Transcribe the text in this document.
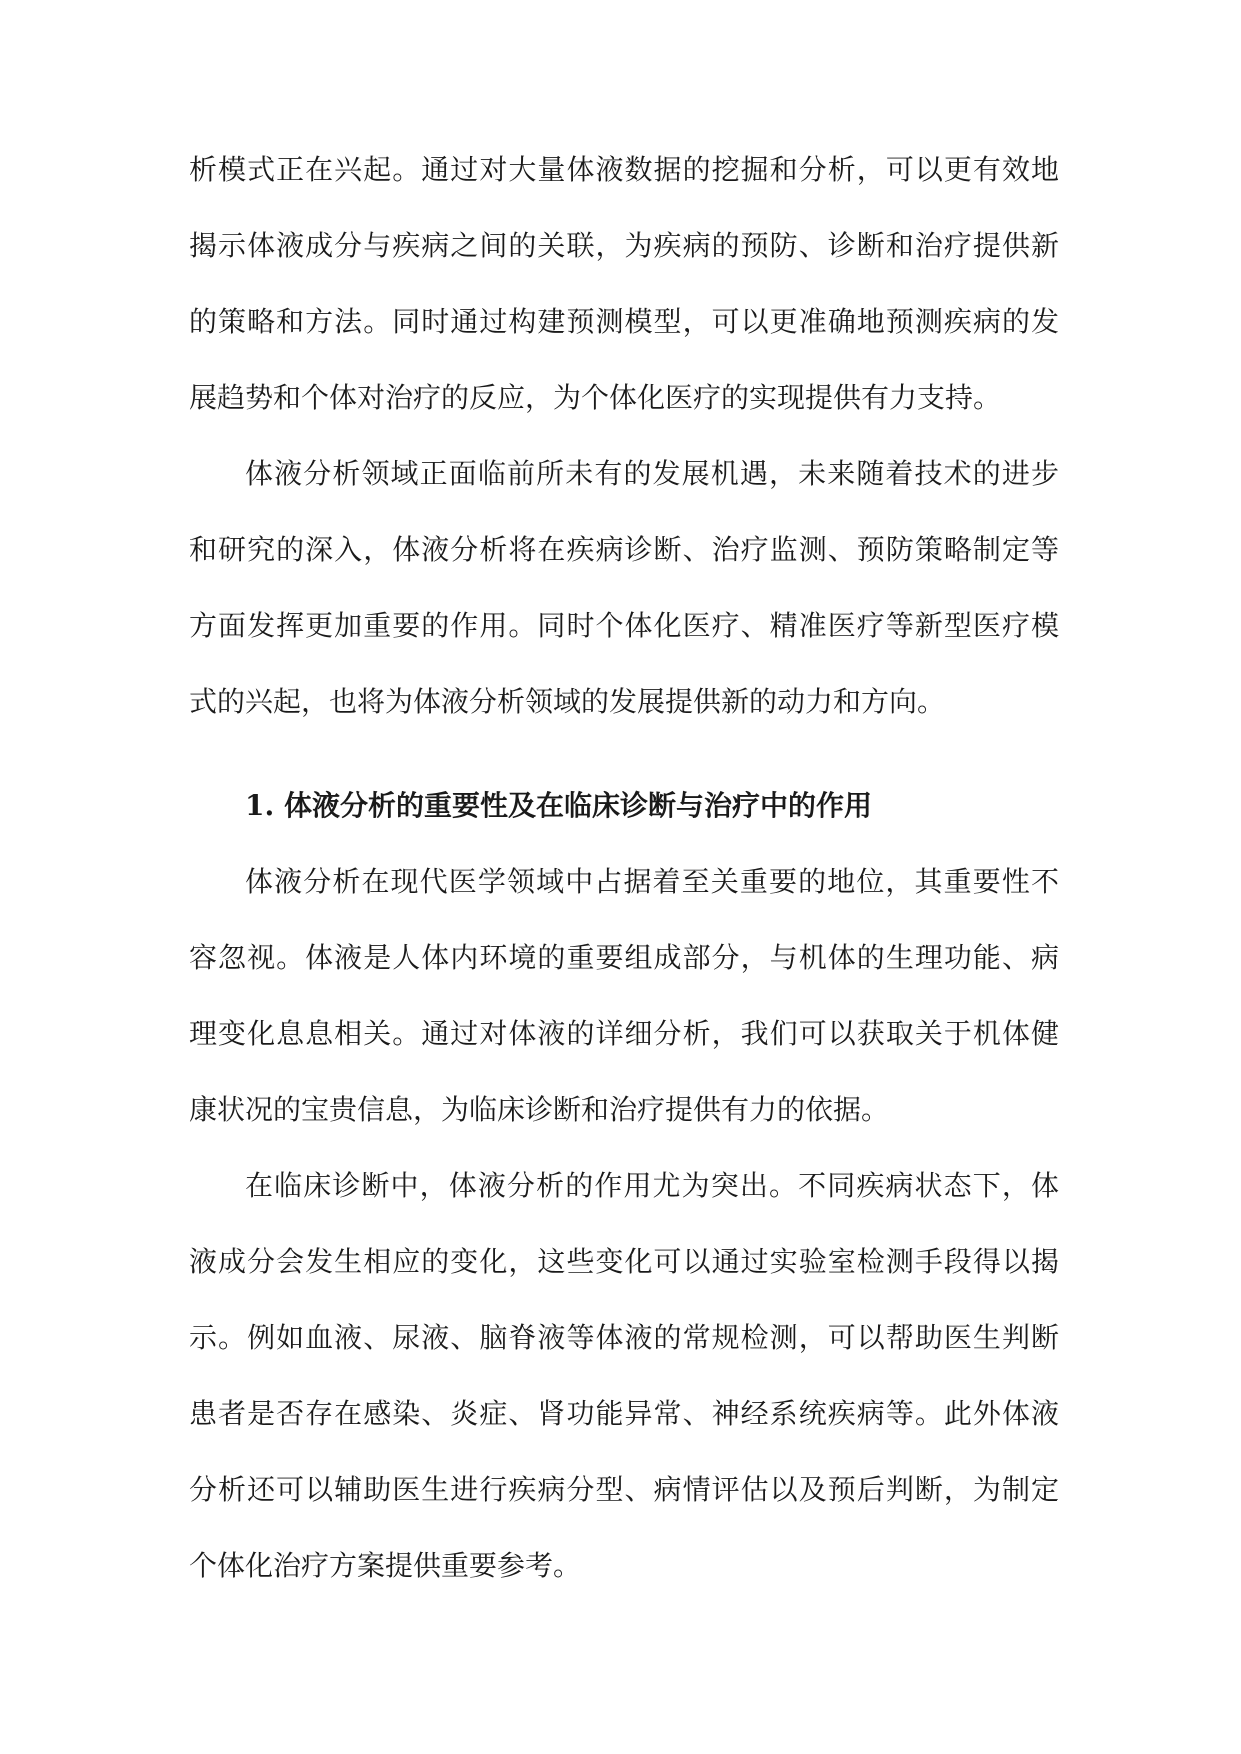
析模式正在兴起。通过对大量体液数据的挖掘和分析，可以更有效地
揭示体液成分与疾病之间的关联，为疾病的预防、诊断和治疗提供新
的策略和方法。同时通过构建预测模型，可以更准确地预测疾病的发
展趋势和个体对治疗的反应，为个体化医疗的实现提供有力支持。
体液分析领域正面临前所未有的发展机遇，未来随着技术的进步
和研究的深入，体液分析将在疾病诊断、治疗监测、预防策略制定等
方面发挥更加重要的作用。同时个体化医疗、精准医疗等新型医疗模
式的兴起，也将为体液分析领域的发展提供新的动力和方向。
1. 体液分析的重要性及在临床诊断与治疗中的作用
体液分析在现代医学领域中占据着至关重要的地位，其重要性不
容忽视。体液是人体内环境的重要组成部分，与机体的生理功能、病
理变化息息相关。通过对体液的详细分析，我们可以获取关于机体健
康状况的宝贵信息，为临床诊断和治疗提供有力的依据。
在临床诊断中，体液分析的作用尤为突出。不同疾病状态下，体
液成分会发生相应的变化，这些变化可以通过实验室检测手段得以揭
示。例如血液、尿液、脑脊液等体液的常规检测，可以帮助医生判断
患者是否存在感染、炎症、肾功能异常、神经系统疾病等。此外体液
分析还可以辅助医生进行疾病分型、病情评估以及预后判断，为制定
个体化治疗方案提供重要参考。
